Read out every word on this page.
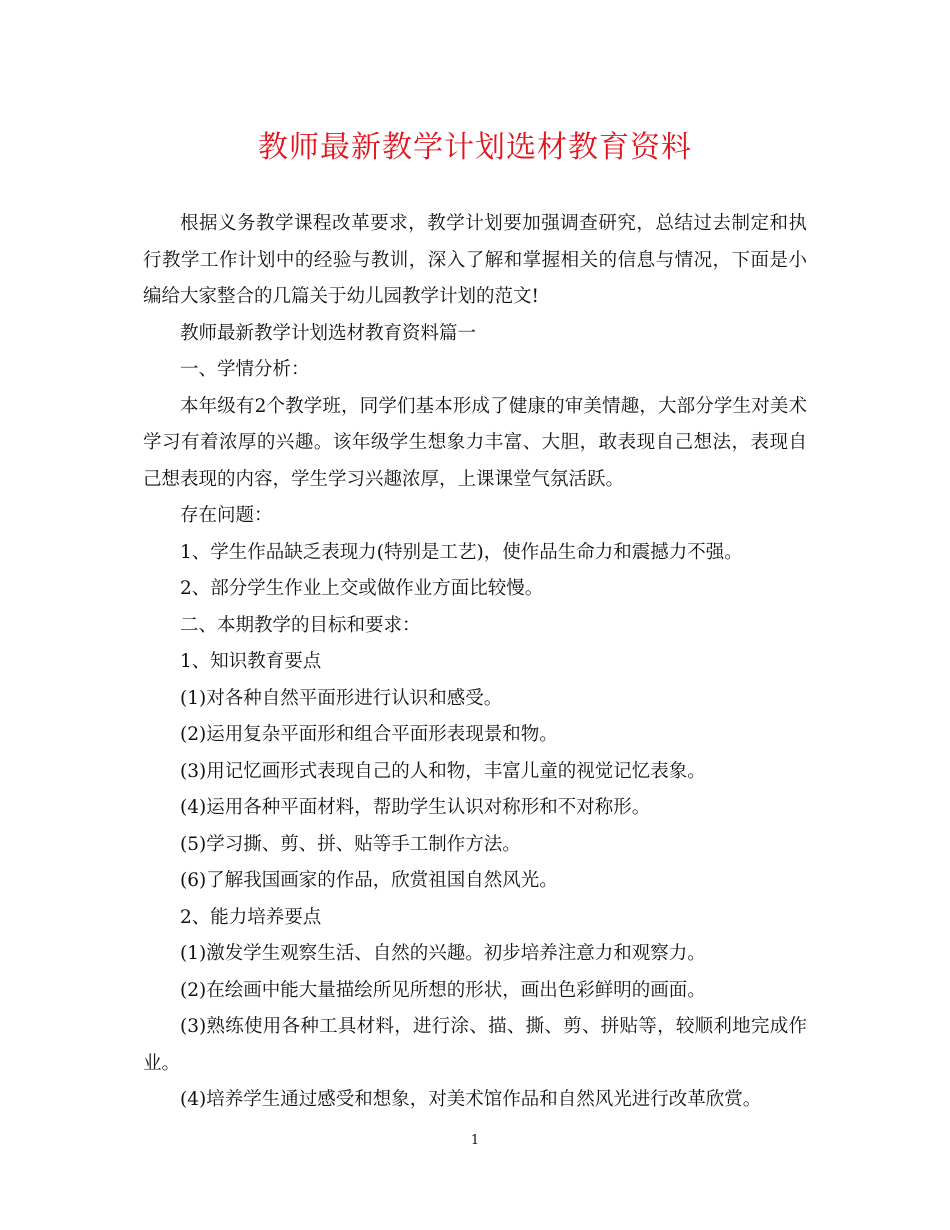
教师最新教学计划选材教育资料

根据义务教学课程改革要求，教学计划要加强调查研究，总结过去制定和执行教学工作计划中的经验与教训，深入了解和掌握相关的信息与情况，下面是小编给大家整合的几篇关于幼儿园教学计划的范文!

教师最新教学计划选材教育资料篇一

一、学情分析：

本年级有2个教学班，同学们基本形成了健康的审美情趣，大部分学生对美术学习有着浓厚的兴趣。该年级学生想象力丰富、大胆，敢表现自己想法，表现自己想表现的内容，学生学习兴趣浓厚，上课课堂气氛活跃。

存在问题：

1、学生作品缺乏表现力(特别是工艺)，使作品生命力和震撼力不强。

2、部分学生作业上交或做作业方面比较慢。

二、本期教学的目标和要求：

1、知识教育要点

(1)对各种自然平面形进行认识和感受。

(2)运用复杂平面形和组合平面形表现景和物。

(3)用记忆画形式表现自己的人和物，丰富儿童的视觉记忆表象。

(4)运用各种平面材料，帮助学生认识对称形和不对称形。

(5)学习撕、剪、拼、贴等手工制作方法。

(6)了解我国画家的作品，欣赏祖国自然风光。

2、能力培养要点

(1)激发学生观察生活、自然的兴趣。初步培养注意力和观察力。

(2)在绘画中能大量描绘所见所想的形状，画出色彩鲜明的画面。

(3)熟练使用各种工具材料，进行涂、描、撕、剪、拼贴等，较顺利地完成作业。

(4)培养学生通过感受和想象，对美术馆作品和自然风光进行改革欣赏。

1
